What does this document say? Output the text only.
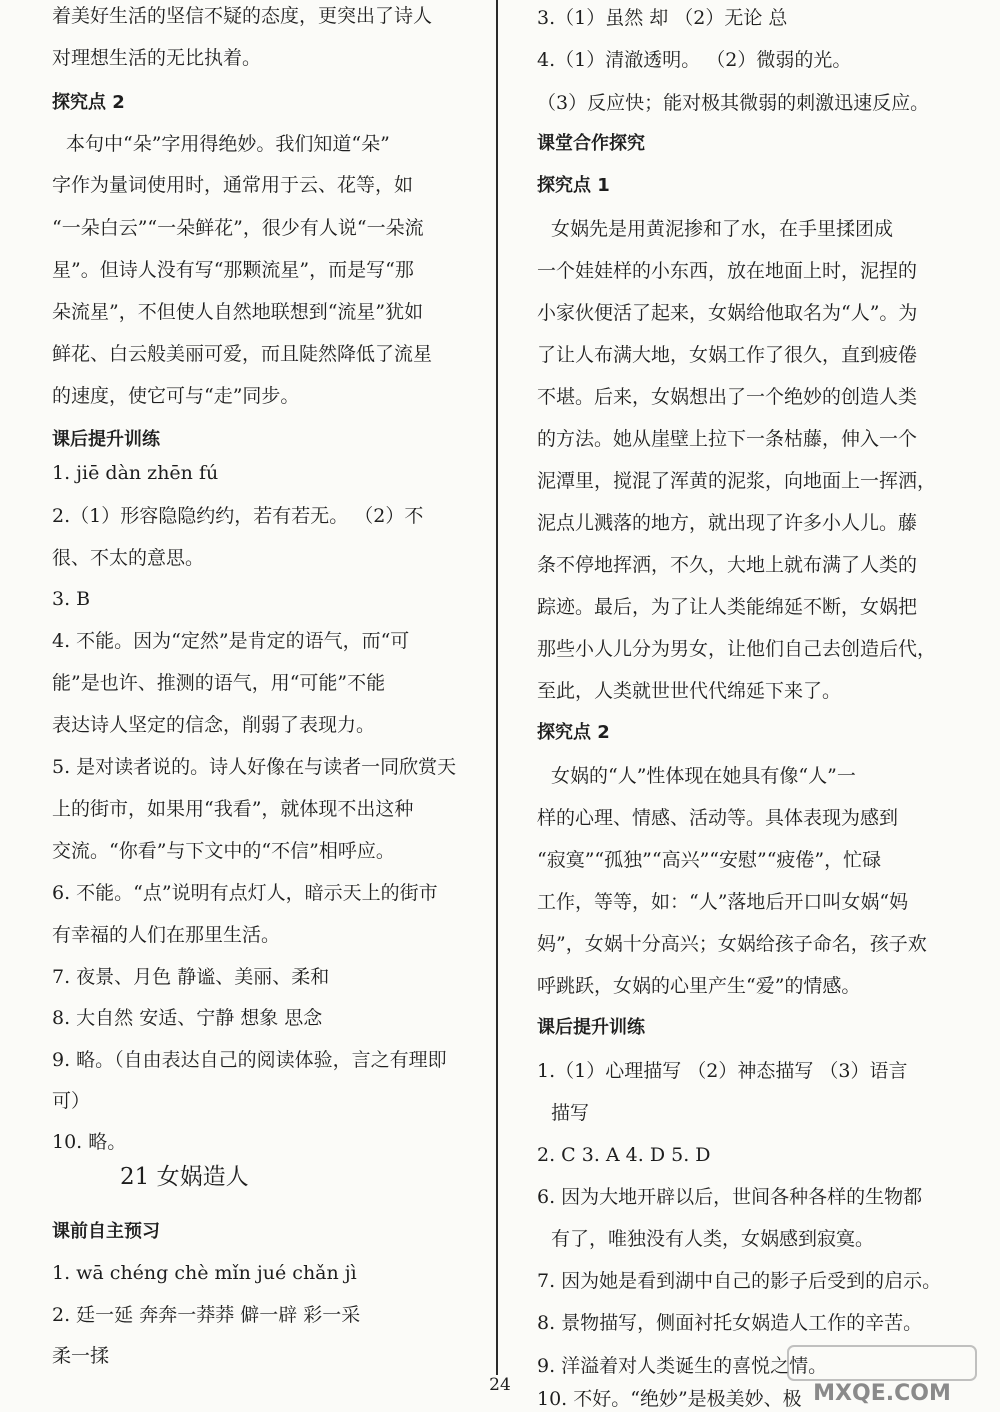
着美好生活的坚信不疑的态度，更突出了诗人
对理想生活的无比执着。
探究点 2
本句中“朵”字用得绝妙。我们知道“朵”
字作为量词使用时，通常用于云、花等，如
“一朵白云”“一朵鲜花”，很少有人说“一朵流
星”。但诗人没有写“那颗流星”，而是写“那
朵流星”，不但使人自然地联想到“流星”犹如
鲜花、白云般美丽可爱，而且陡然降低了流星
的速度，使它可与“走”同步。
课后提升训练
1. jiē dàn zhēn fú
2.（1）形容隐隐约约，若有若无。 （2）不
很、不太的意思。
3. B
4. 不能。因为“定然”是肯定的语气，而“可
能”是也许、推测的语气，用“可能”不能
表达诗人坚定的信念，削弱了表现力。
5. 是对读者说的。诗人好像在与读者一同欣赏天
上的街市，如果用“我看”，就体现不出这种
交流。“你看”与下文中的“不信”相呼应。
6. 不能。“点”说明有点灯人，暗示天上的街市
有幸福的人们在那里生活。
7. 夜景、月色 静谧、美丽、柔和
8. 大自然 安适、宁静 想象 思念
9. 略。（自由表达自己的阅读体验，言之有理即
可）
10. 略。
课前自主预习
1. wā chéng chè mǐn jué chǎn jì
2. 廷一延 奔奔一莽莽 僻一辟 彩一采
柔一揉
3.（1）虽然 却 （2）无论 总
4.（1）清澈透明。 （2）微弱的光。
（3）反应快；能对极其微弱的刺激迅速反应。
课堂合作探究
探究点 1
女娲先是用黄泥掺和了水，在手里揉团成
一个娃娃样的小东西，放在地面上时，泥捏的
小家伙便活了起来，女娲给他取名为“人”。为
了让人布满大地，女娲工作了很久，直到疲倦
不堪。后来，女娲想出了一个绝妙的创造人类
的方法。她从崖壁上拉下一条枯藤，伸入一个
泥潭里，搅混了浑黄的泥浆，向地面上一挥洒，
泥点儿溅落的地方，就出现了许多小人儿。藤
条不停地挥洒，不久，大地上就布满了人类的
踪迹。最后，为了让人类能绵延不断，女娲把
那些小人儿分为男女，让他们自己去创造后代，
至此，人类就世世代代绵延下来了。
探究点 2
女娲的“人”性体现在她具有像“人”一
样的心理、情感、活动等。具体表现为感到
“寂寞”“孤独”“高兴”“安慰”“疲倦”，忙碌
工作，等等，如：“人”落地后开口叫女娲“妈
妈”，女娲十分高兴；女娲给孩子命名，孩子欢
呼跳跃，女娲的心里产生“爱”的情感。
课后提升训练
1.（1）心理描写 （2）神态描写 （3）语言
描写
2. C 3. A 4. D 5. D
6. 因为大地开辟以后，世间各种各样的生物都
有了，唯独没有人类，女娲感到寂寞。
7. 因为她是看到湖中自己的影子后受到的启示。
8. 景物描写，侧面衬托女娲造人工作的辛苦。
9. 洋溢着对人类诞生的喜悦之情。
10. 不好。“绝妙”是极美妙、极
21 女娲造人
24	MXQE.COM
